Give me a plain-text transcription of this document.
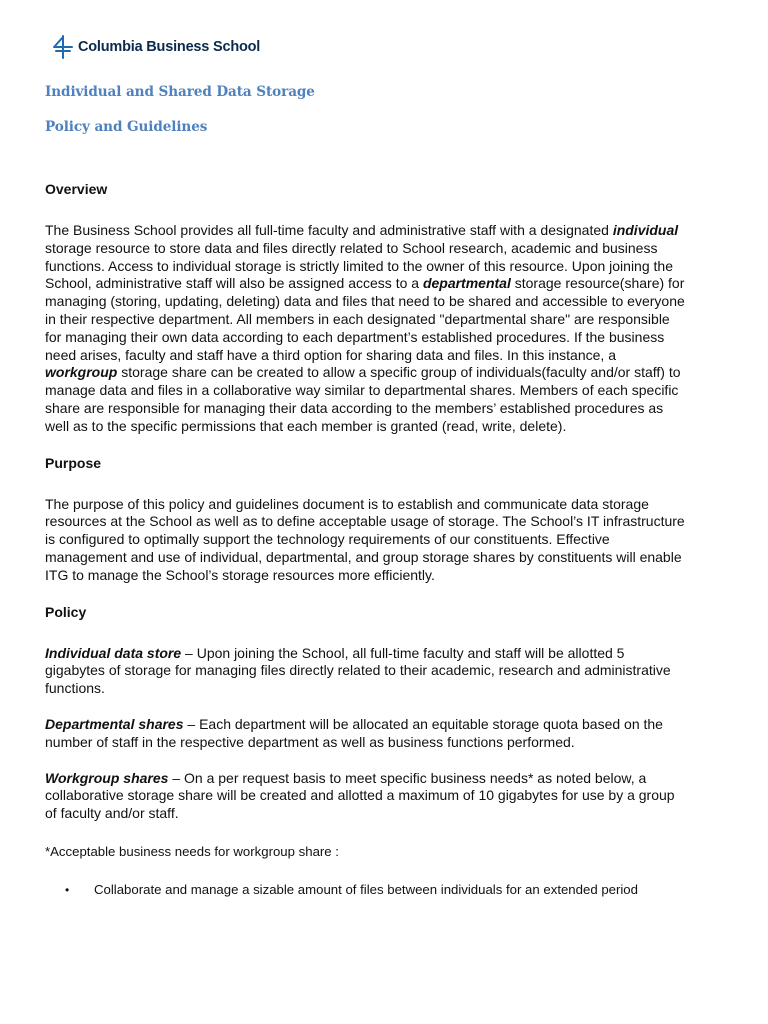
Columbia Business School
Individual and Shared Data Storage
Policy and Guidelines
Overview

The Business School provides all full-time faculty and administrative staff with a designated individual storage resource to store data and files directly related to School research, academic and business functions. Access to individual storage is strictly limited to the owner of this resource. Upon joining the School, administrative staff will also be assigned access to a departmental storage resource(share) for managing (storing, updating, deleting) data and files that need to be shared and accessible to everyone in their respective department. All members in each designated "departmental share" are responsible for managing their own data according to each department’s established procedures. If the business need arises, faculty and staff have a third option for sharing data and files. In this instance, a workgroup storage share can be created to allow a specific group of individuals(faculty and/or staff) to manage data and files in a collaborative way similar to departmental shares. Members of each specific share are responsible for managing their data according to the members’ established procedures as well as to the specific permissions that each member is granted (read, write, delete).

Purpose

The purpose of this policy and guidelines document is to establish and communicate data storage resources at the School as well as to define acceptable usage of storage. The School’s IT infrastructure is configured to optimally support the technology requirements of our constituents. Effective management and use of individual, departmental, and group storage shares by constituents will enable ITG to manage the School’s storage resources more efficiently.

Policy

Individual data store – Upon joining the School, all full-time faculty and staff will be allotted 5 gigabytes of storage for managing files directly related to their academic, research and administrative functions.

Departmental shares – Each department will be allocated an equitable storage quota based on the number of staff in the respective department as well as business functions performed.

Workgroup shares – On a per request basis to meet specific business needs* as noted below, a collaborative storage share will be created and allotted a maximum of 10 gigabytes for use by a group of faculty and/or staff.

*Acceptable business needs for workgroup share :

• Collaborate and manage a sizable amount of files between individuals for an extended period
